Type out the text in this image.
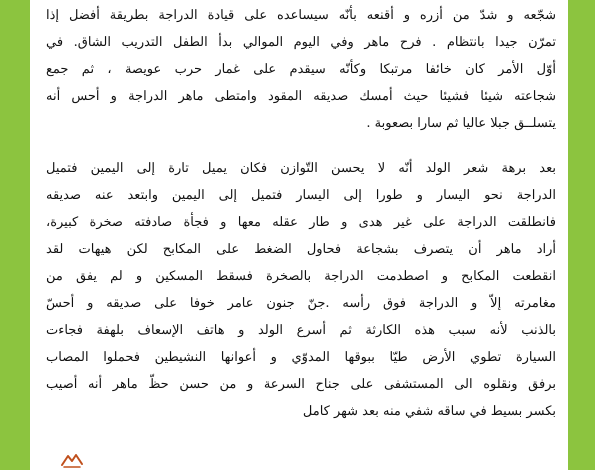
شجّعه و شدّ من أزره و أقنعه بأنّه سيساعده على قيادة الدراجة بطريقة أفضل إذا
تمرّن جيدا بانتظام . فرح ماهر وفي اليوم الموالي بدأ الطفل التدريب الشاق. في
أوّل الأمر كان خائفا مرتبكا وكأنّه سيقدم على غمار حرب عويصة ، ثم جمع
شجاعته شيئا فشيئا حيث أمسك صديقه المقود وامتطى ماهر الدراجة و أحس أنه
يتسلــق جبلا عاليا ثم سارا بصعوبة .
بعد برهة شعر الولد أنّه لا يحسن التّوازن فكان يميل تارة إلى اليمين فتميل
الدراجة نحو اليسار و طورا إلى اليسار فتميل إلى اليمين وابتعد عنه صديقه
فانطلقت الدراجة على غير هدى و طار عقله معها و فجأة صادفته صخرة كبيرة،
أراد ماهر أن يتصرف بشجاعة فحاول الضغط على المكابح لكن هيهات لقد
انقطعت المكابح و اصطدمت الدراجة بالصخرة فسقط المسكين و لم يفق من
مغامرته إلاّ و الدراجة فوق رأسه .جنّ جنون عامر خوفا على صديقه و أحسّ
بالذنب لأنه سبب هذه الكارثة ثم أسرع الولد و هاتف الإسعاف بلهفة فجاءت
السيارة تطوي الأرض طيّا ببوقها المدوّي و أعوانها النشيطين فحملوا المصاب
برفق ونقلوه الى المستشفى على جناح السرعة و من حسن حظّ ماهر أنه أصيب
بكسر بسيط في ساقه شفي منه بعد شهر كامل
